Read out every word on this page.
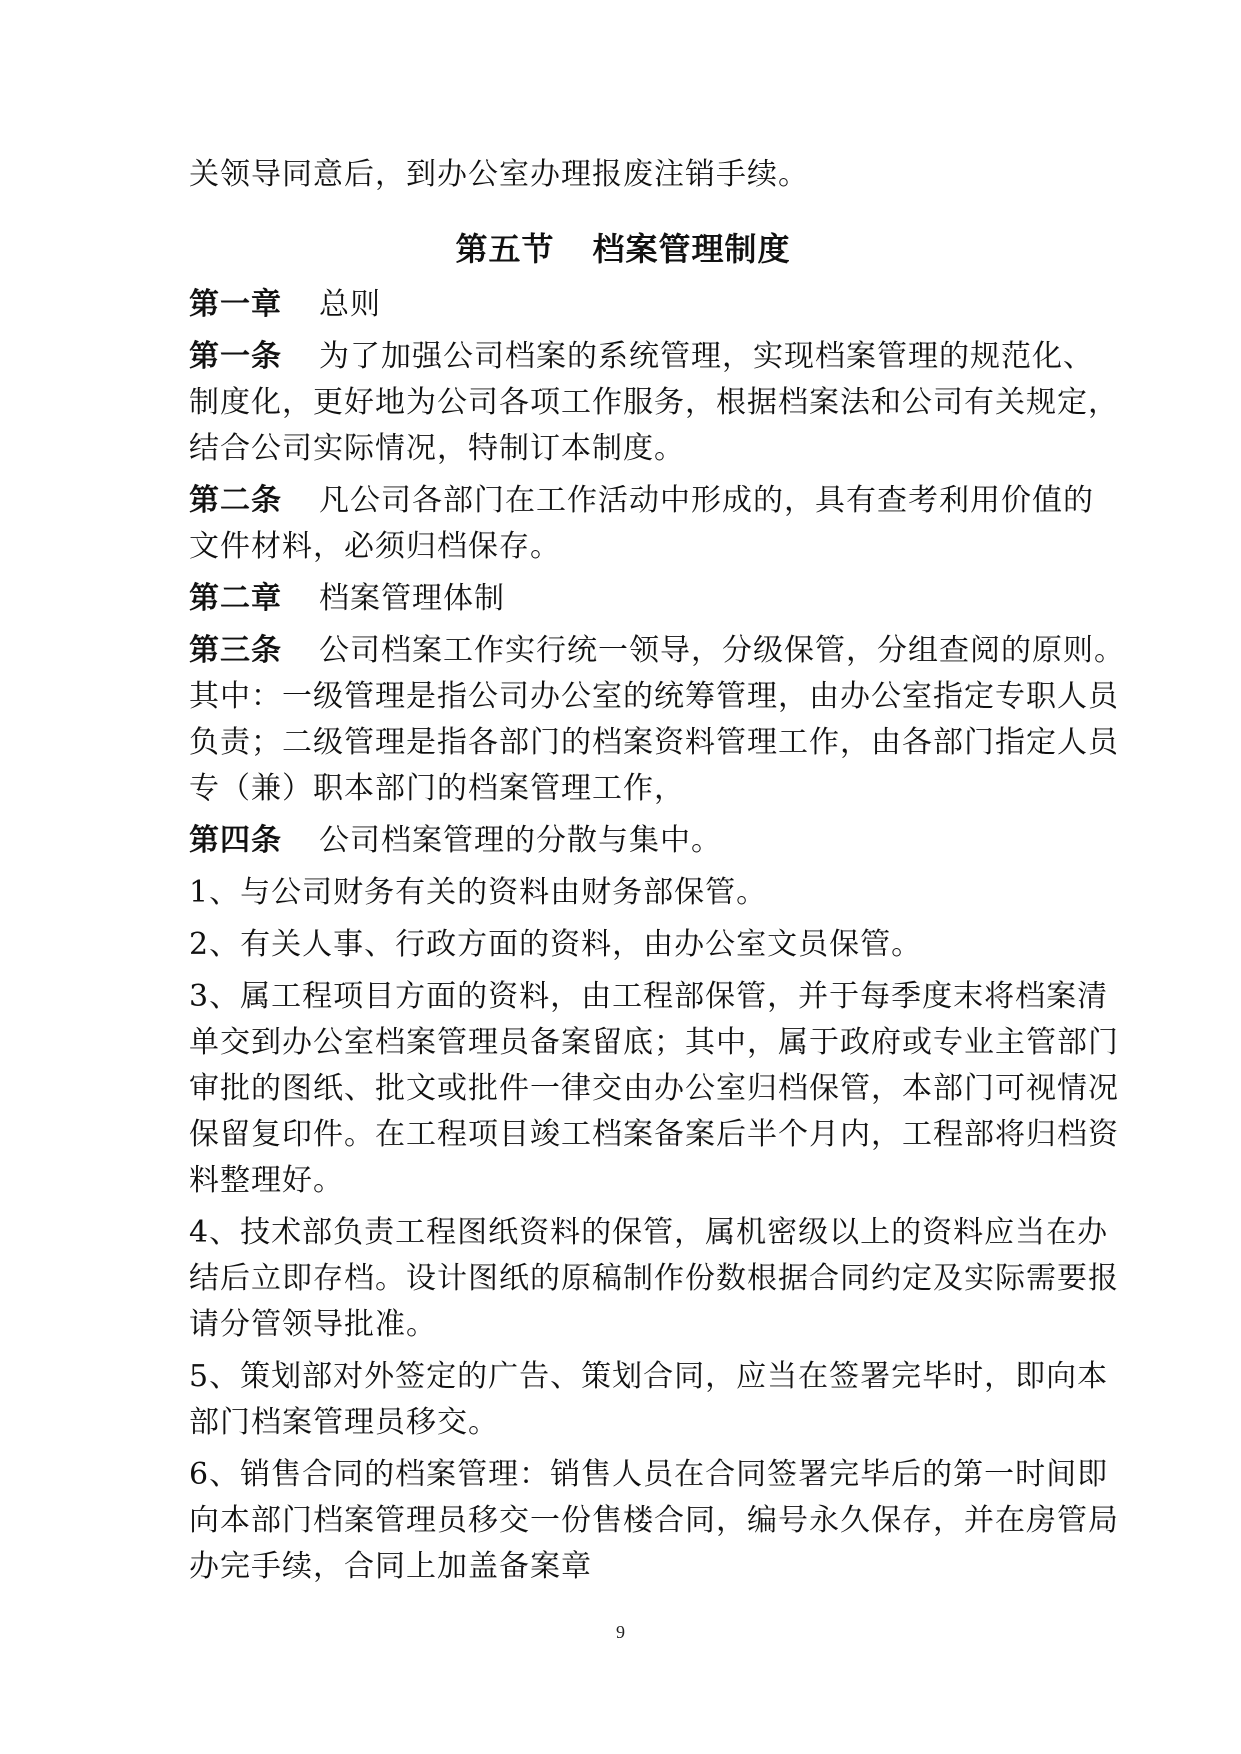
关领导同意后，到办公室办理报废注销手续。
第五节 档案管理制度
第一章 总则
第一条 为了加强公司档案的系统管理，实现档案管理的规范化、
制度化，更好地为公司各项工作服务，根据档案法和公司有关规定，
结合公司实际情况，特制订本制度。
第二条 凡公司各部门在工作活动中形成的，具有查考利用价值的
文件材料，必须归档保存。
第二章 档案管理体制
第三条 公司档案工作实行统一领导，分级保管，分组查阅的原则。
其中：一级管理是指公司办公室的统筹管理，由办公室指定专职人员
负责；二级管理是指各部门的档案资料管理工作，由各部门指定人员
专（兼）职本部门的档案管理工作，
第四条 公司档案管理的分散与集中。
1、与公司财务有关的资料由财务部保管。
2、有关人事、行政方面的资料，由办公室文员保管。
3、属工程项目方面的资料，由工程部保管，并于每季度末将档案清
单交到办公室档案管理员备案留底；其中，属于政府或专业主管部门
审批的图纸、批文或批件一律交由办公室归档保管，本部门可视情况
保留复印件。在工程项目竣工档案备案后半个月内，工程部将归档资
料整理好。
4、技术部负责工程图纸资料的保管，属机密级以上的资料应当在办
结后立即存档。设计图纸的原稿制作份数根据合同约定及实际需要报
请分管领导批准。
5、策划部对外签定的广告、策划合同，应当在签署完毕时，即向本
部门档案管理员移交。
6、销售合同的档案管理：销售人员在合同签署完毕后的第一时间即
向本部门档案管理员移交一份售楼合同，编号永久保存，并在房管局
办完手续，合同上加盖备案章
9
